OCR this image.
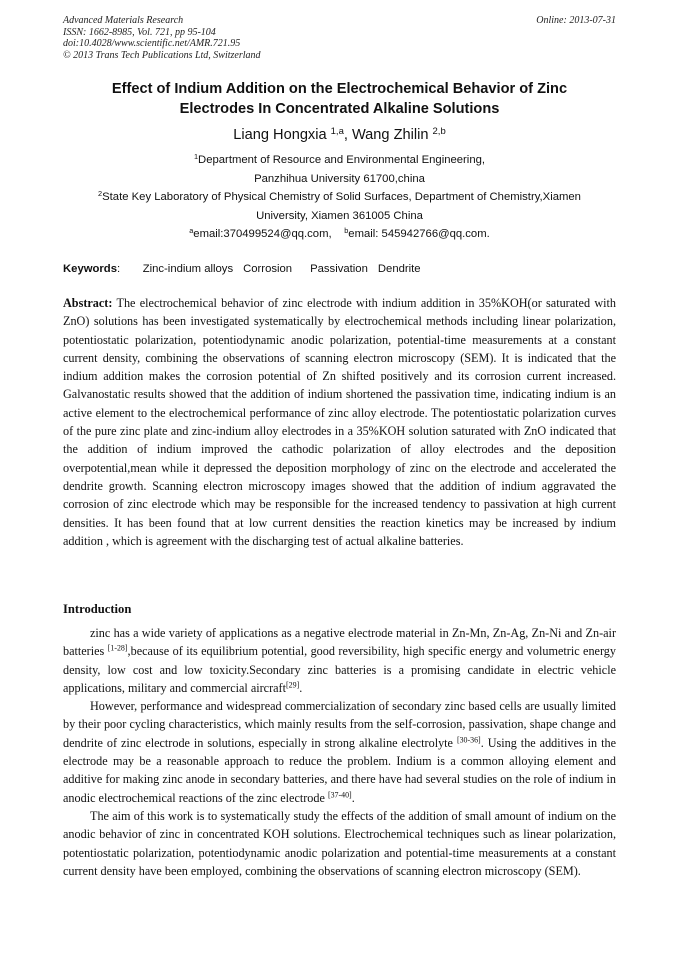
Advanced Materials Research
ISSN: 1662-8985, Vol. 721, pp 95-104
doi:10.4028/www.scientific.net/AMR.721.95
© 2013 Trans Tech Publications Ltd, Switzerland
Online: 2013-07-31
Effect of Indium Addition on the Electrochemical Behavior of Zinc
Electrodes In Concentrated Alkaline Solutions
Liang Hongxia $^{1,a}$, Wang Zhilin $^{2,b}$
$^1$Department of Resource and Environmental Engineering,
Panzhihua University 61700,china
$^2$State Key Laboratory of Physical Chemistry of Solid Surfaces, Department of Chemistry,Xiamen
University, Xiamen 361005 China
$^a$email:370499524@qq.com, $^b$email: 545942766@qq.com.
Keywords: Zinc-indium alloys Corrosion Passivation Dendrite
Abstract: The electrochemical behavior of zinc electrode with indium addition in 35%KOH(or saturated with ZnO) solutions has been investigated systematically by electrochemical methods including linear polarization, potentiostatic polarization, potentiodynamic anodic polarization, potential-time measurements at a constant current density, combining the observations of scanning electron microscopy (SEM). It is indicated that the indium addition makes the corrosion potential of Zn shifted positively and its corrosion current increased. Galvanostatic results showed that the addition of indium shortened the passivation time, indicating indium is an active element to the electrochemical performance of zinc alloy electrode. The potentiostatic polarization curves of the pure zinc plate and zinc-indium alloy electrodes in a 35%KOH solution saturated with ZnO indicated that the addition of indium improved the cathodic polarization of alloy electrodes and the deposition overpotential,mean while it depressed the deposition morphology of zinc on the electrode and accelerated the dendrite growth. Scanning electron microscopy images showed that the addition of indium aggravated the corrosion of zinc electrode which may be responsible for the increased tendency to passivation at high current densities. It has been found that at low current densities the reaction kinetics may be increased by indium addition , which is agreement with the discharging test of actual alkaline batteries.
Introduction

zinc has a wide variety of applications as a negative electrode material in Zn-Mn, Zn-Ag, Zn-Ni and Zn-air batteries [1-28],because of its equilibrium potential, good reversibility, high specific energy and volumetric energy density, low cost and low toxicity.Secondary zinc batteries is a promising candidate in electric vehicle applications, military and commercial aircraft[29].

However, performance and widespread commercialization of secondary zinc based cells are usually limited by their poor cycling characteristics, which mainly results from the self-corrosion, passivation, shape change and dendrite of zinc electrode in solutions, especially in strong alkaline electrolyte [30-36]. Using the additives in the electrode may be a reasonable approach to reduce the problem. Indium is a common alloying element and additive for making zinc anode in secondary batteries, and there have had several studies on the role of indium in anodic electrochemical reactions of the zinc electrode [37-40].

The aim of this work is to systematically study the effects of the addition of small amount of indium on the anodic behavior of zinc in concentrated KOH solutions. Electrochemical techniques such as linear polarization, potentiostatic polarization, potentiodynamic anodic polarization and potential-time measurements at a constant current density have been employed, combining the observations of scanning electron microscopy (SEM).
